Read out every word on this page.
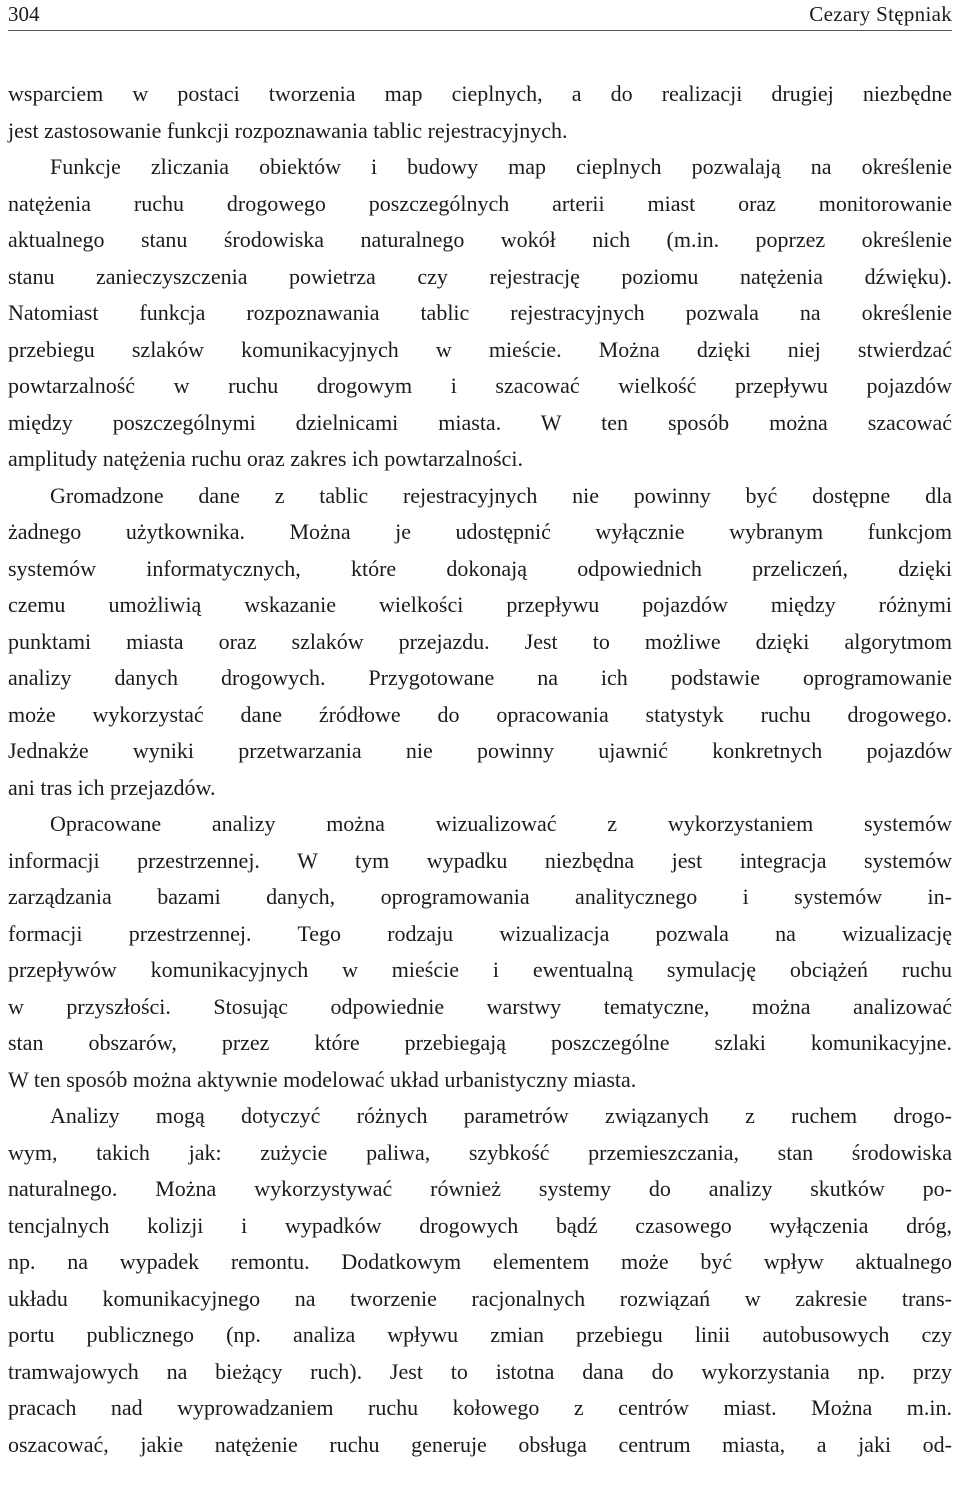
304	Cezary Stępniak

wsparciem w postaci tworzenia map cieplnych, a do realizacji drugiej niezbędne
jest zastosowanie funkcji rozpoznawania tablic rejestracyjnych.

Funkcje zliczania obiektów i budowy map cieplnych pozwalają na określenie
natężenia ruchu drogowego poszczególnych arterii miast oraz monitorowanie
aktualnego stanu środowiska naturalnego wokół nich (m.in. poprzez określenie
stanu zanieczyszczenia powietrza czy rejestrację poziomu natężenia dźwięku).
Natomiast funkcja rozpoznawania tablic rejestracyjnych pozwala na określenie
przebiegu szlaków komunikacyjnych w mieście. Można dzięki niej stwierdzać
powtarzalność w ruchu drogowym i szacować wielkość przepływu pojazdów
między poszczególnymi dzielnicami miasta. W ten sposób można szacować
amplitudy natężenia ruchu oraz zakres ich powtarzalności.

Gromadzone dane z tablic rejestracyjnych nie powinny być dostępne dla
żadnego użytkownika. Można je udostępnić wyłącznie wybranym funkcjom
systemów informatycznych, które dokonają odpowiednich przeliczeń, dzięki
czemu umożliwią wskazanie wielkości przepływu pojazdów między różnymi
punktami miasta oraz szlaków przejazdu. Jest to możliwe dzięki algorytmom
analizy danych drogowych. Przygotowane na ich podstawie oprogramowanie
może wykorzystać dane źródłowe do opracowania statystyk ruchu drogowego.
Jednakże wyniki przetwarzania nie powinny ujawnić konkretnych pojazdów
ani tras ich przejazdów.

Opracowane analizy można wizualizować z wykorzystaniem systemów
informacji przestrzennej. W tym wypadku niezbędna jest integracja systemów
zarządzania bazami danych, oprogramowania analitycznego i systemów in-
formacji przestrzennej. Tego rodzaju wizualizacja pozwala na wizualizację
przepływów komunikacyjnych w mieście i ewentualną symulację obciążeń ruchu
w przyszłości. Stosując odpowiednie warstwy tematyczne, można analizować
stan obszarów, przez które przebiegają poszczególne szlaki komunikacyjne.
W ten sposób można aktywnie modelować układ urbanistyczny miasta.

Analizy mogą dotyczyć różnych parametrów związanych z ruchem drogo-
wym, takich jak: zużycie paliwa, szybkość przemieszczania, stan środowiska
naturalnego. Można wykorzystywać również systemy do analizy skutków po-
tencjalnych kolizji i wypadków drogowych bądź czasowego wyłączenia dróg,
np. na wypadek remontu. Dodatkowym elementem może być wpływ aktualnego
układu komunikacyjnego na tworzenie racjonalnych rozwiązań w zakresie trans-
portu publicznego (np. analiza wpływu zmian przebiegu linii autobusowych czy
tramwajowych na bieżący ruch). Jest to istotna dana do wykorzystania np. przy
pracach nad wyprowadzaniem ruchu kołowego z centrów miast. Można m.in.
oszacować, jakie natężenie ruchu generuje obsługa centrum miasta, a jaki od-
